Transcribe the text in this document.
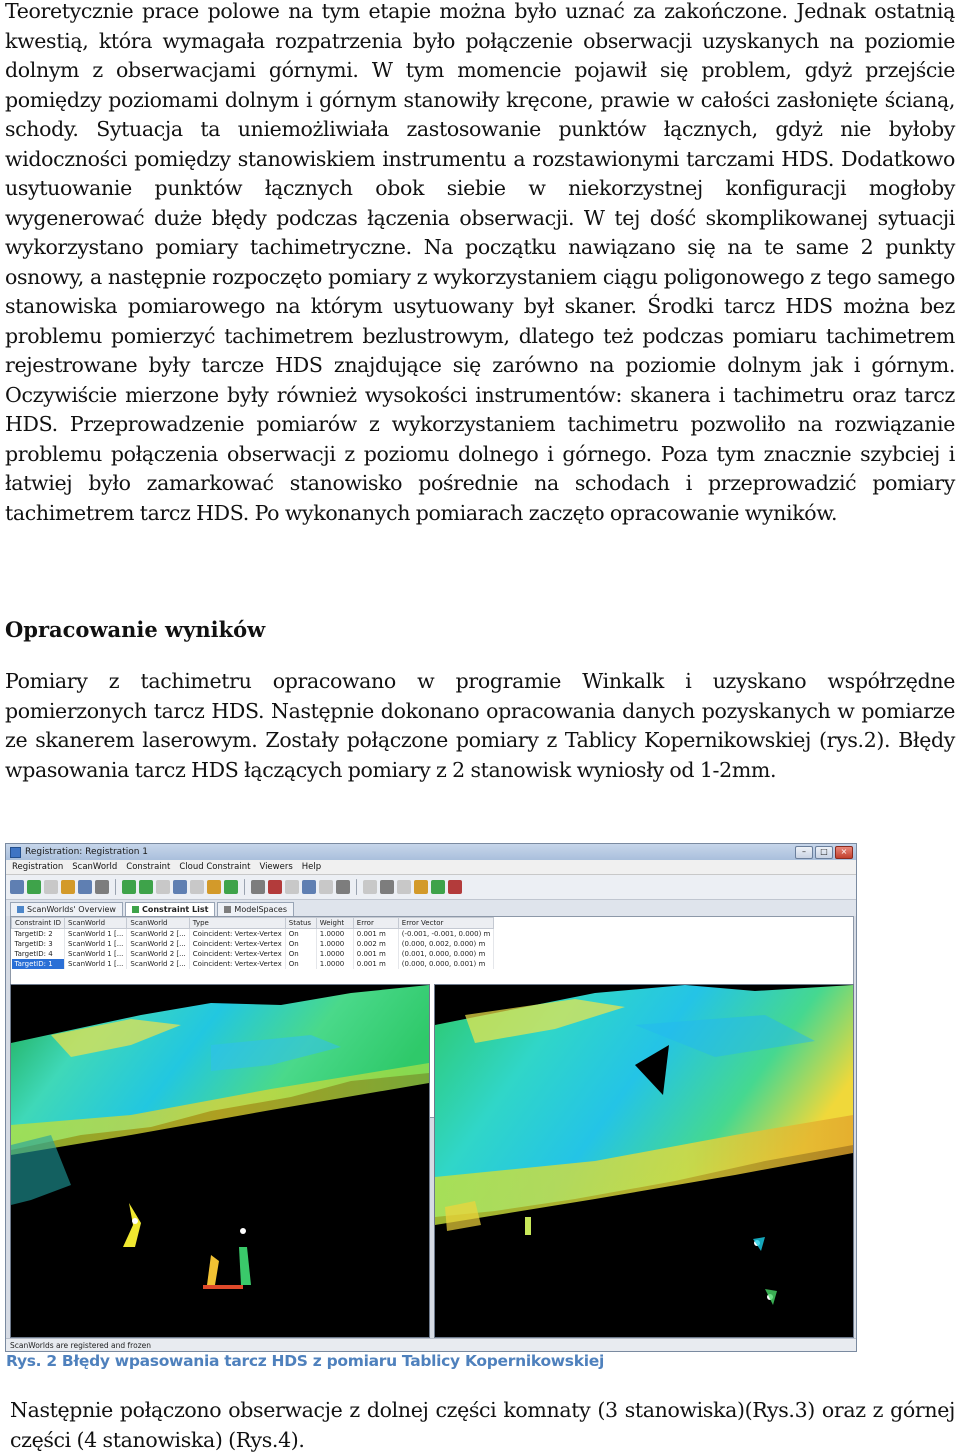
Teoretycznie prace polowe na tym etapie można było uznać za zakończone. Jednak ostatnią kwestią, która wymagała rozpatrzenia było połączenie obserwacji uzyskanych na poziomie dolnym z obserwacjami górnymi. W tym momencie pojawił się problem, gdyż przejście pomiędzy poziomami dolnym i górnym stanowiły kręcone, prawie w całości zasłonięte ścianą, schody. Sytuacja ta uniemożliwiała zastosowanie punktów łącznych, gdyż nie byłoby widoczności pomiędzy stanowiskiem instrumentu a rozstawionymi tarczami HDS. Dodatkowo usytuowanie punktów łącznych obok siebie w niekorzystnej konfiguracji mogłoby wygenerować duże błędy podczas łączenia obserwacji. W tej dość skomplikowanej sytuacji wykorzystano pomiary tachimetryczne. Na początku nawiązano się na te same 2 punkty osnowy, a następnie rozpoczęto pomiary z wykorzystaniem ciągu poligonowego z tego samego stanowiska pomiarowego na którym usytuowany był skaner. Środki tarcz HDS można bez problemu pomierzyć tachimetrem bezlustrowym, dlatego też podczas pomiaru tachimetrem rejestrowane były tarcze HDS znajdujące się zarówno na poziomie dolnym jak i górnym. Oczywiście mierzone były również wysokości instrumentów: skanera i tachimetru oraz tarcz HDS. Przeprowadzenie pomiarów z wykorzystaniem tachimetru pozwoliło na rozwiązanie problemu połączenia obserwacji z poziomu dolnego i górnego. Poza tym znacznie szybciej i łatwiej było zamarkować stanowisko pośrednie na schodach i przeprowadzić pomiary tachimetrem tarcz HDS. Po wykonanych pomiarach zaczęto opracowanie wyników.

Opracowanie wyników

Pomiary z tachimetru opracowano w programie Winkalk i uzyskano współrzędne pomierzonych tarcz HDS. Następnie dokonano opracowania danych pozyskanych w pomiarze ze skanerem laserowym. Zostały połączone pomiary z Tablicy Kopernikowskiej (rys.2). Błędy wpasowania tarcz HDS łączących pomiary z 2 stanowisk wyniosły od 1-2mm.

Registration: Registration 1	–	□	×
Registration ScanWorld Constraint Cloud Constraint Viewers Help
ScanWorlds' Overview	Constraint List	ModelSpaces
Constraint ID	ScanWorld	ScanWorld	Type	Status	Weight	Error	Error Vector
TargetID: 2	ScanWorld 1 [...	ScanWorld 2 [...	Coincident: Vertex-Vertex	On	1.0000	0.001 m	(-0.001, -0.001, 0.000) m
TargetID: 3	ScanWorld 1 [...	ScanWorld 2 [...	Coincident: Vertex-Vertex	On	1.0000	0.002 m	(0.000, 0.002, 0.000) m
TargetID: 4	ScanWorld 1 [...	ScanWorld 2 [...	Coincident: Vertex-Vertex	On	1.0000	0.001 m	(0.001, 0.000, 0.000) m
TargetID: 1	ScanWorld 1 [...	ScanWorld 2 [...	Coincident: Vertex-Vertex	On	1.0000	0.001 m	(0.000, 0.000, 0.001) m
ScanWorlds are registered and frozen

Rys. 2 Błędy wpasowania tarcz HDS z pomiaru Tablicy Kopernikowskiej

Następnie połączono obserwacje z dolnej części komnaty (3 stanowiska)(Rys.3) oraz z górnej części (4 stanowiska) (Rys.4).
